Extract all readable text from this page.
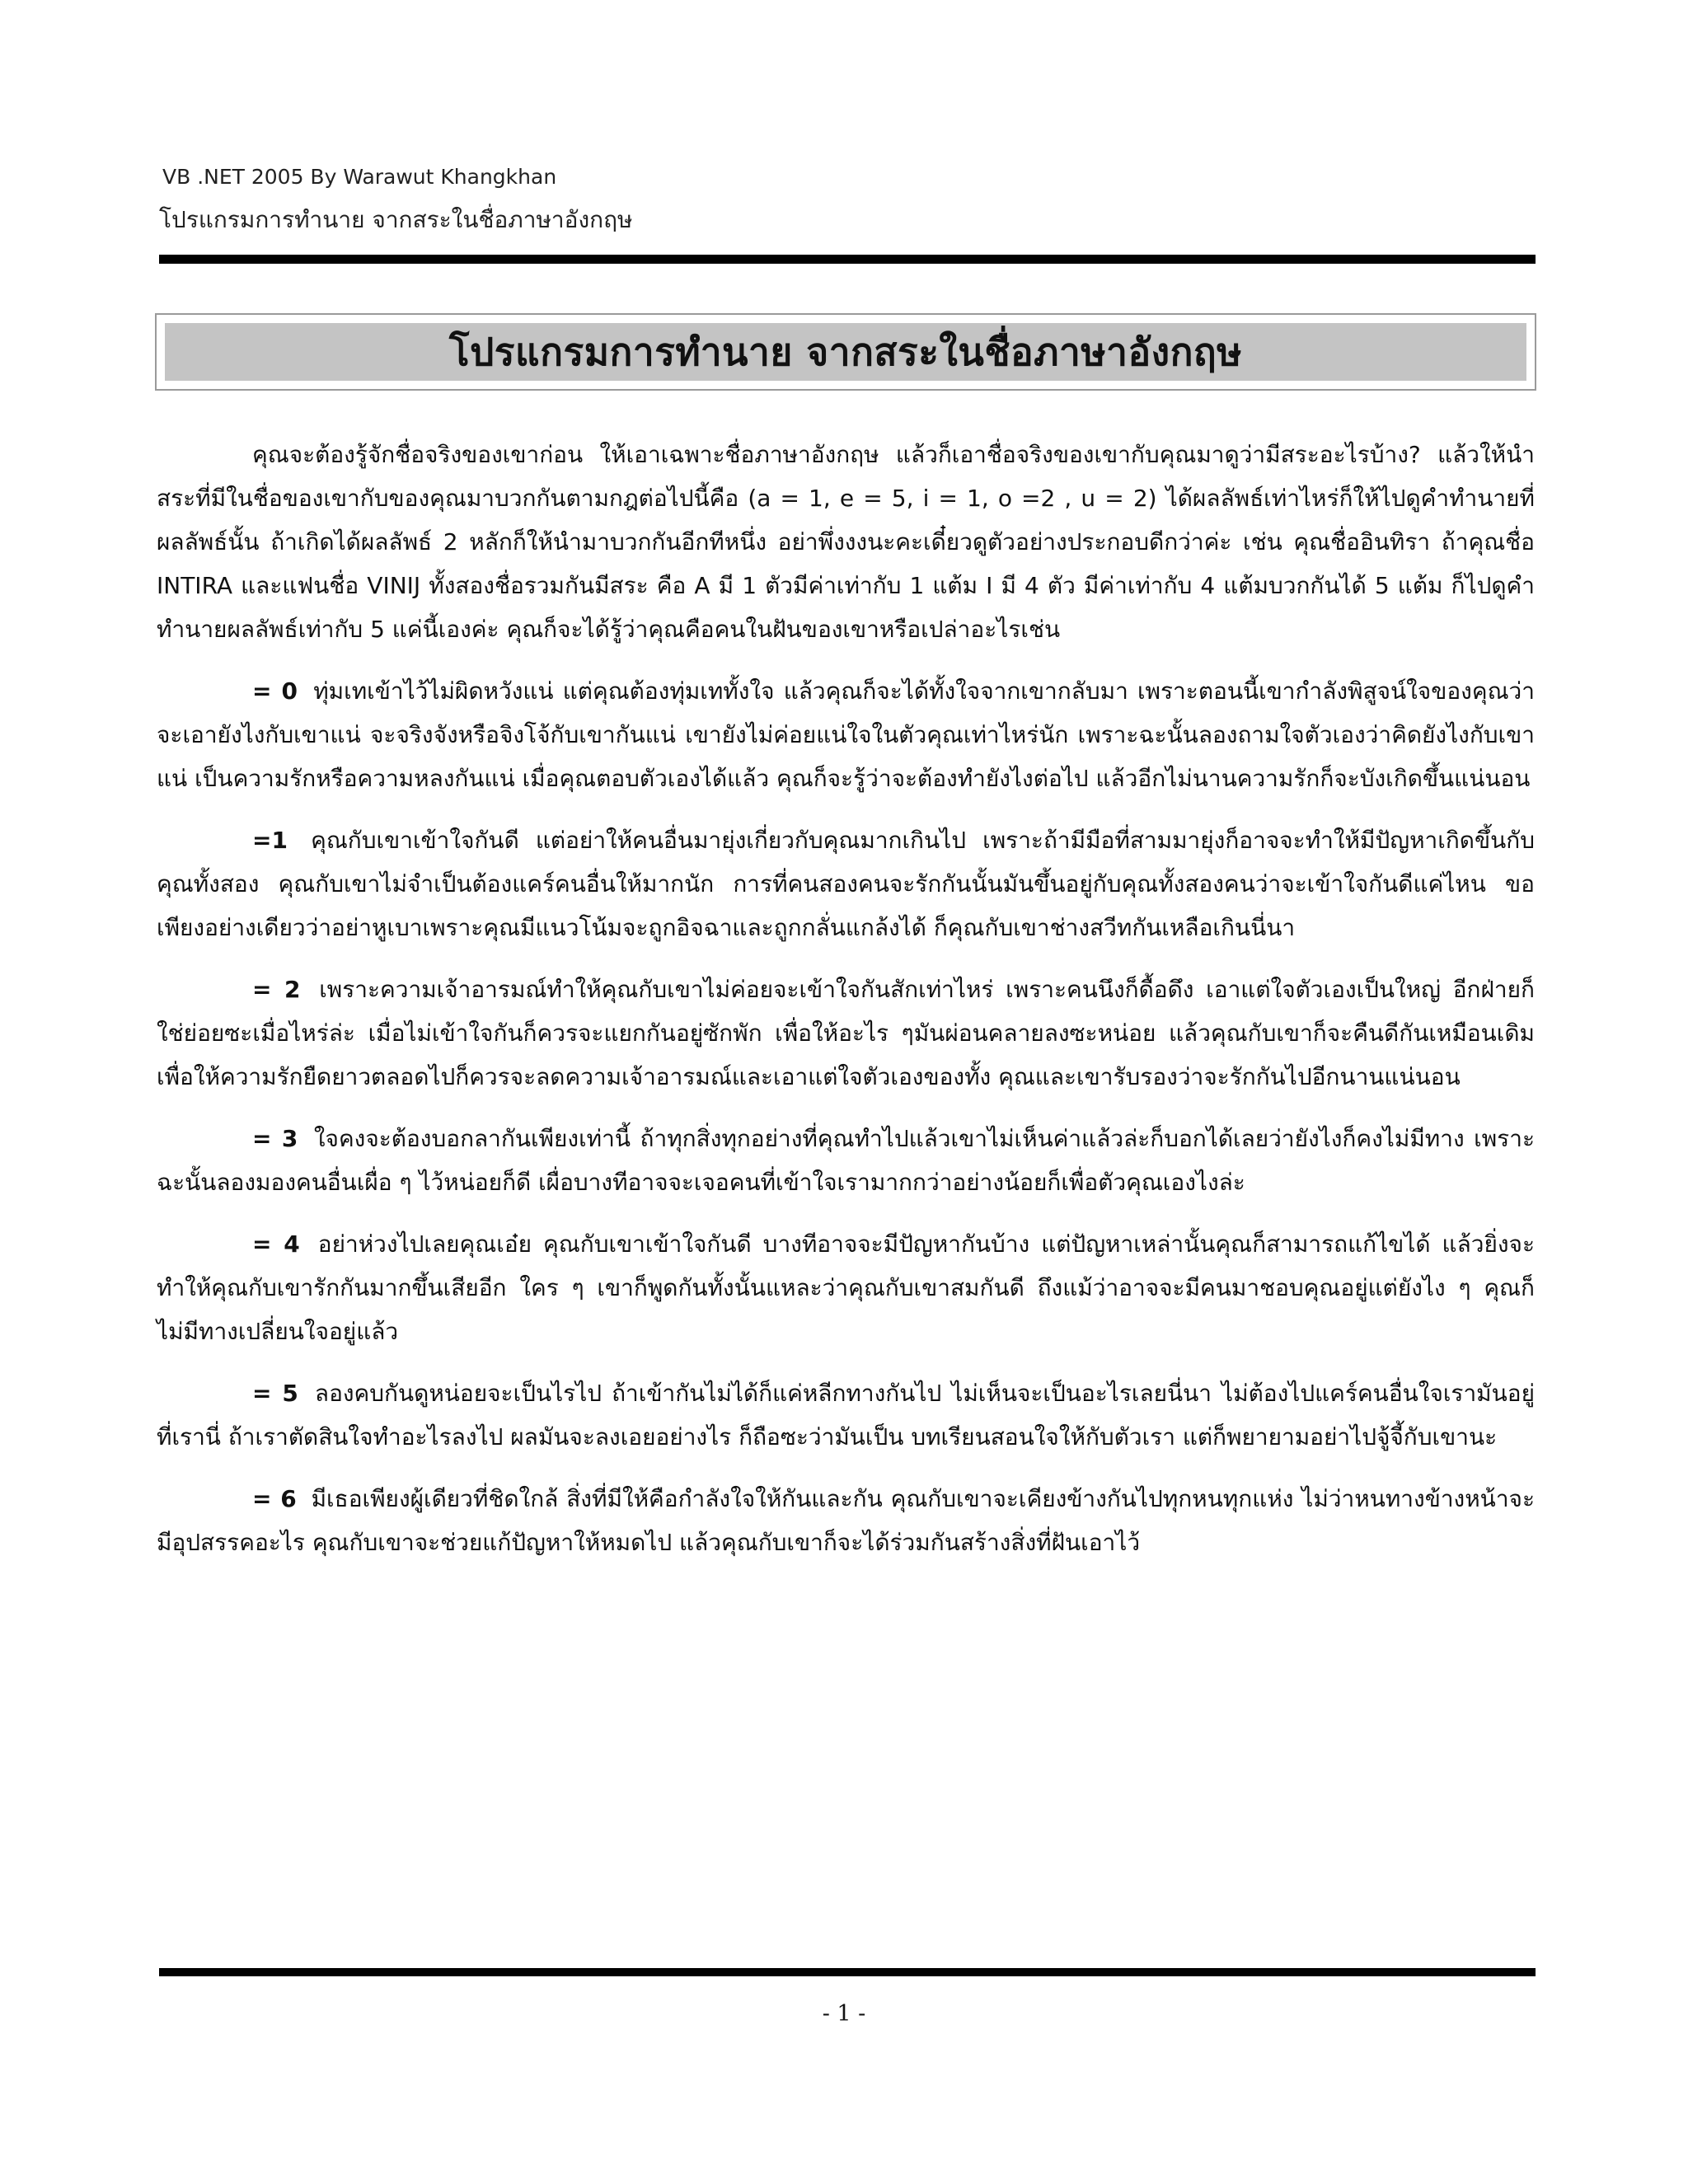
VB .NET 2005 By Warawut Khangkhan
โปรแกรมการทำนาย จากสระในชื่อภาษาอังกฤษ
โปรแกรมการทำนาย จากสระในชื่อภาษาอังกฤษ

คุณจะต้องรู้จักชื่อจริงของเขาก่อน ให้เอาเฉพาะชื่อภาษาอังกฤษ แล้วก็เอาชื่อจริงของเขากับคุณมาดูว่ามีสระอะไรบ้าง? แล้วให้นำสระที่มีในชื่อของเขากับของคุณมาบวกกันตามกฎต่อไปนี้คือ (a = 1, e = 5, i = 1, o =2 , u = 2) ได้ผลลัพธ์เท่าไหร่ก็ให้ไปดูคำทำนายที่ผลลัพธ์นั้น ถ้าเกิดได้ผลลัพธ์ 2 หลักก็ให้นำมาบวกกันอีกทีหนึ่ง อย่าพึ่งงงนะคะเดี๋ยวดูตัวอย่างประกอบดีกว่าค่ะ เช่น คุณชื่ออินทิรา ถ้าคุณชื่อ INTIRA และแฟนชื่อ VINIJ ทั้งสองชื่อรวมกันมีสระ คือ A มี 1 ตัวมีค่าเท่ากับ 1 แต้ม I มี 4 ตัว มีค่าเท่ากับ 4 แต้มบวกกันได้ 5 แต้ม ก็ไปดูคำทำนายผลลัพธ์เท่ากับ 5 แค่นี้เองค่ะ คุณก็จะได้รู้ว่าคุณคือคนในฝันของเขาหรือเปล่าอะไรเช่น

= 0 ทุ่มเทเข้าไว้ไม่ผิดหวังแน่ แต่คุณต้องทุ่มเททั้งใจ แล้วคุณก็จะได้ทั้งใจจากเขากลับมา เพราะตอนนี้เขากำลังพิสูจน์ใจของคุณว่าจะเอายังไงกับเขาแน่ จะจริงจังหรือจิงโจ้กับเขากันแน่ เขายังไม่ค่อยแน่ใจในตัวคุณเท่าไหร่นัก เพราะฉะนั้นลองถามใจตัวเองว่าคิดยังไงกับเขาแน่ เป็นความรักหรือความหลงกันแน่ เมื่อคุณตอบตัวเองได้แล้ว คุณก็จะรู้ว่าจะต้องทำยังไงต่อไป แล้วอีกไม่นานความรักก็จะบังเกิดขึ้นแน่นอน

=1 คุณกับเขาเข้าใจกันดี แต่อย่าให้คนอื่นมายุ่งเกี่ยวกับคุณมากเกินไป เพราะถ้ามีมือที่สามมายุ่งก็อาจจะทำให้มีปัญหาเกิดขึ้นกับคุณทั้งสอง คุณกับเขาไม่จำเป็นต้องแคร์คนอื่นให้มากนัก การที่คนสองคนจะรักกันนั้นมันขึ้นอยู่กับคุณทั้งสองคนว่าจะเข้าใจกันดีแค่ไหน ขอเพียงอย่างเดียวว่าอย่าหูเบาเพราะคุณมีแนวโน้มจะถูกอิจฉาและถูกกลั่นแกล้งได้ ก็คุณกับเขาช่างสวีทกันเหลือเกินนี่นา

= 2 เพราะความเจ้าอารมณ์ทำให้คุณกับเขาไม่ค่อยจะเข้าใจกันสักเท่าไหร่ เพราะคนนึงก็ดื้อดึง เอาแต่ใจตัวเองเป็นใหญ่ อีกฝ่ายก็ใช่ย่อยซะเมื่อไหร่ล่ะ เมื่อไม่เข้าใจกันก็ควรจะแยกกันอยู่ซักพัก เพื่อให้อะไร ๆมันผ่อนคลายลงซะหน่อย แล้วคุณกับเขาก็จะคืนดีกันเหมือนเดิม เพื่อให้ความรักยืดยาวตลอดไปก็ควรจะลดความเจ้าอารมณ์และเอาแต่ใจตัวเองของทั้ง คุณและเขารับรองว่าจะรักกันไปอีกนานแน่นอน

= 3 ใจคงจะต้องบอกลากันเพียงเท่านี้ ถ้าทุกสิ่งทุกอย่างที่คุณทำไปแล้วเขาไม่เห็นค่าแล้วล่ะก็บอกได้เลยว่ายังไงก็คงไม่มีทาง เพราะฉะนั้นลองมองคนอื่นเผื่อ ๆ ไว้หน่อยก็ดี เผื่อบางทีอาจจะเจอคนที่เข้าใจเรามากกว่าอย่างน้อยก็เพื่อตัวคุณเองไงล่ะ

= 4 อย่าห่วงไปเลยคุณเอ๋ย คุณกับเขาเข้าใจกันดี บางทีอาจจะมีปัญหากันบ้าง แต่ปัญหาเหล่านั้นคุณก็สามารถแก้ไขได้ แล้วยิ่งจะทำให้คุณกับเขารักกันมากขึ้นเสียอีก ใคร ๆ เขาก็พูดกันทั้งนั้นแหละว่าคุณกับเขาสมกันดี ถึงแม้ว่าอาจจะมีคนมาชอบคุณอยู่แต่ยังไง ๆ คุณก็ไม่มีทางเปลี่ยนใจอยู่แล้ว

= 5 ลองคบกันดูหน่อยจะเป็นไรไป ถ้าเข้ากันไม่ได้ก็แค่หลีกทางกันไป ไม่เห็นจะเป็นอะไรเลยนี่นา ไม่ต้องไปแคร์คนอื่นใจเรามันอยู่ที่เรานี่ ถ้าเราตัดสินใจทำอะไรลงไป ผลมันจะลงเอยอย่างไร ก็ถือซะว่ามันเป็น บทเรียนสอนใจให้กับตัวเรา แต่ก็พยายามอย่าไปจู้จี้กับเขานะ

= 6 มีเธอเพียงผู้เดียวที่ชิดใกล้ สิ่งที่มีให้คือกำลังใจให้กันและกัน คุณกับเขาจะเคียงข้างกันไปทุกหนทุกแห่ง ไม่ว่าหนทางข้างหน้าจะมีอุปสรรคอะไร คุณกับเขาจะช่วยแก้ปัญหาให้หมดไป แล้วคุณกับเขาก็จะได้ร่วมกันสร้างสิ่งที่ฝันเอาไว้

- 1 -
